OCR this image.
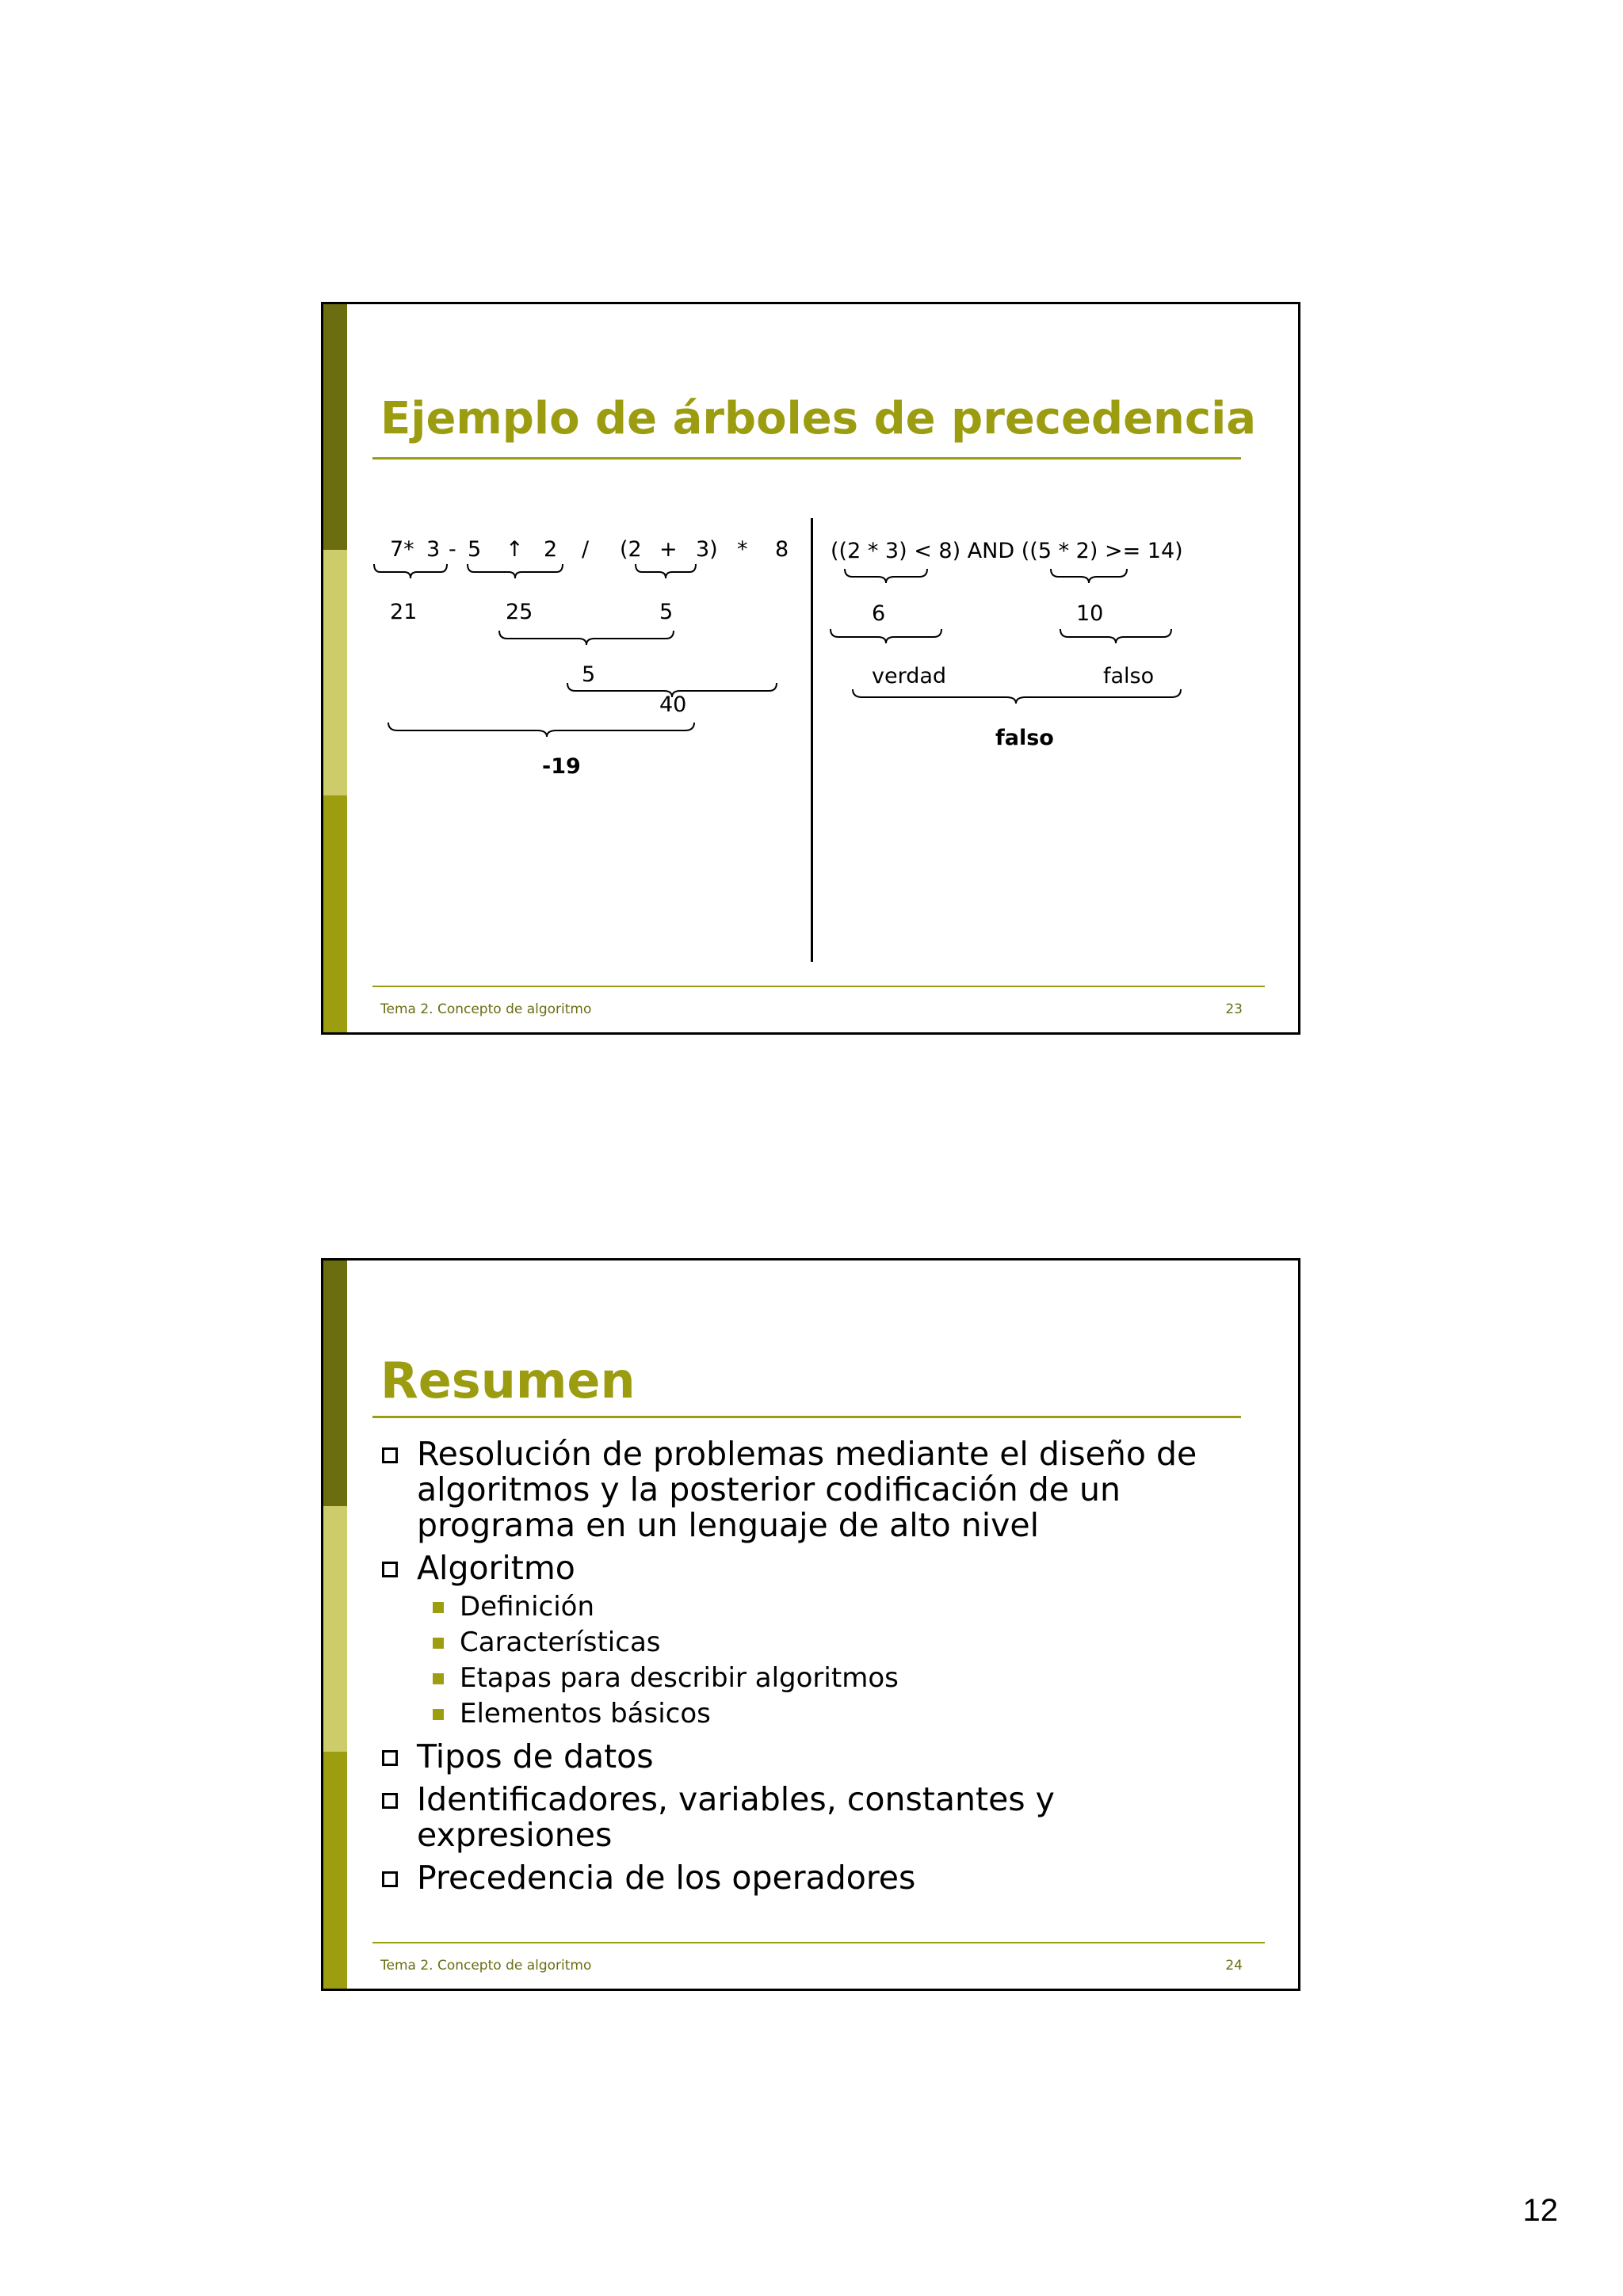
Ejemplo de árboles de precedencia
7* 3 - 5 ↑ 2 / (2 + 3) * 8
21	25	5
5
40
-19
((2 * 3) < 8) AND ((5 * 2) >= 14)
6	10
verdad	falso
falso
Tema 2. Concepto de algoritmo	23
Resumen
Resolución de problemas mediante el diseño de algoritmos y la posterior codificación de un programa en un lenguaje de alto nivel
Algoritmo
Definición
Características
Etapas para describir algoritmos
Elementos básicos
Tipos de datos
Identificadores, variables, constantes y expresiones
Precedencia de los operadores
Tema 2. Concepto de algoritmo	24
12
